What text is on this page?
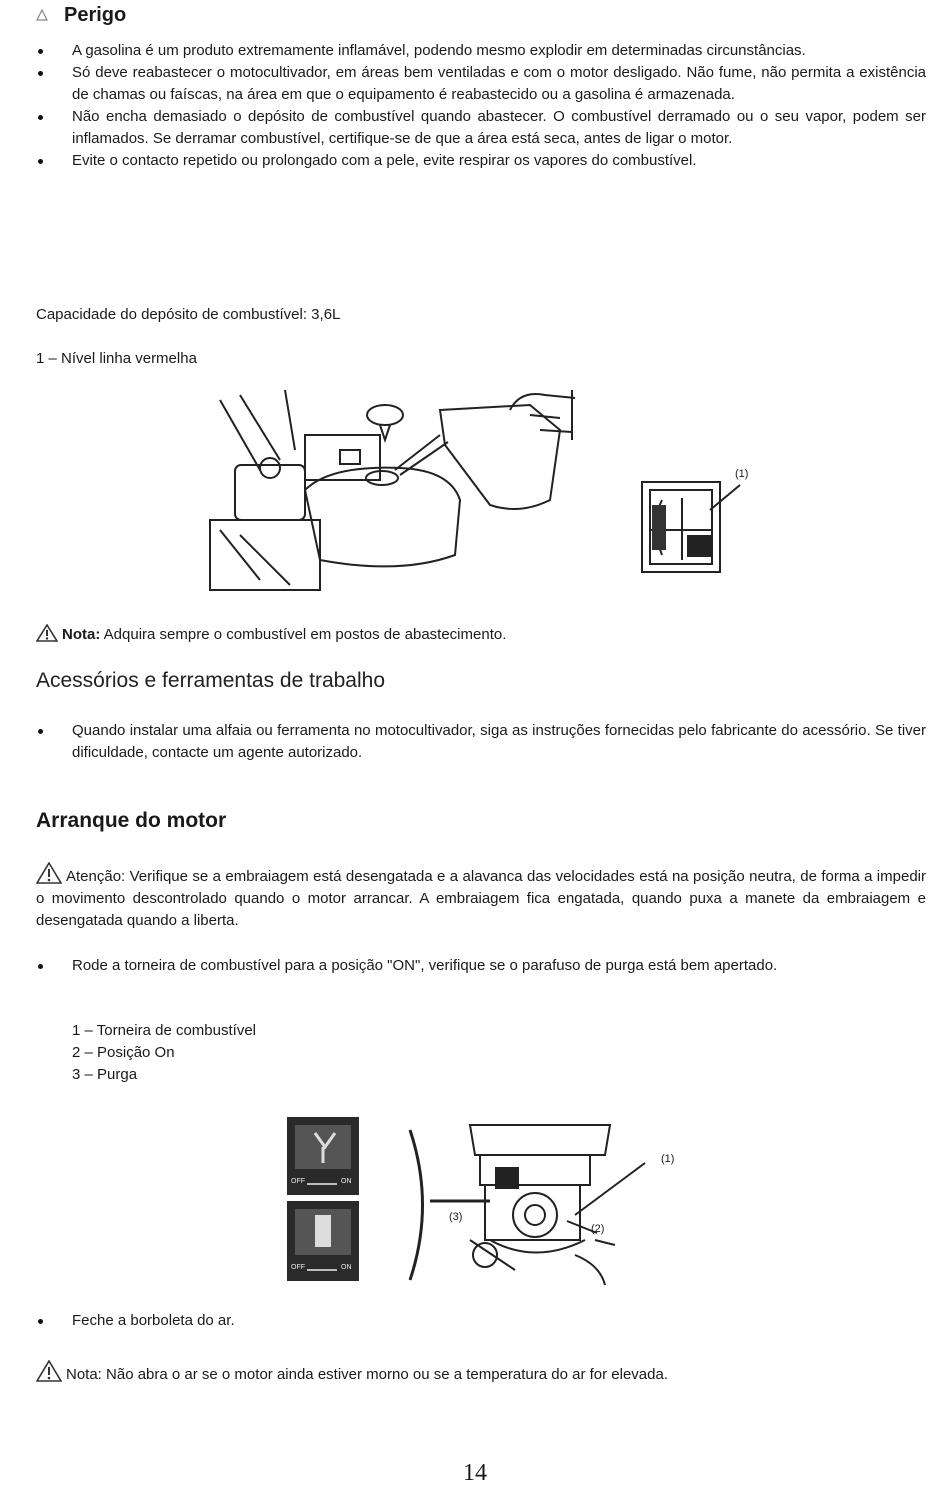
Perigo
A gasolina é um produto extremamente inflamável, podendo mesmo explodir em determinadas circunstâncias.
Só deve reabastecer o motocultivador, em áreas bem ventiladas e com o motor desligado. Não fume, não permita a existência de chamas ou faíscas, na área em que o equipamento é reabastecido ou a gasolina é armazenada.
Não encha demasiado o depósito de combustível quando abastecer. O combustível derramado ou o seu vapor, podem ser inflamados. Se derramar combustível, certifique-se de que a área está seca, antes de ligar o motor.
Evite o contacto repetido ou prolongado com a pele, evite respirar os vapores do combustível.
Capacidade do depósito de combustível: 3,6L
1 – Nível linha vermelha
(1)
Nota: Adquira sempre o combustível em postos de abastecimento.
Acessórios e ferramentas de trabalho
Quando instalar uma alfaia ou ferramenta no motocultivador, siga as instruções fornecidas pelo fabricante do acessório. Se tiver dificuldade, contacte um agente autorizado.
Arranque do motor
Atenção: Verifique se a embraiagem está desengatada e a alavanca das velocidades está na posição neutra, de forma a impedir o movimento descontrolado quando o motor arrancar. A embraiagem fica engatada, quando puxa a manete da embraiagem e desengatada quando a liberta.
Rode a torneira de combustível para a posição "ON", verifique se o parafuso de purga está bem apertado.
1 – Torneira de combustível
2 – Posição On
3 – Purga
(1)
(2)
(3)
OFF	ON
OFF	ON
Feche a borboleta do ar.
Nota: Não abra o ar se o motor ainda estiver morno ou se a temperatura do ar for elevada.
14
